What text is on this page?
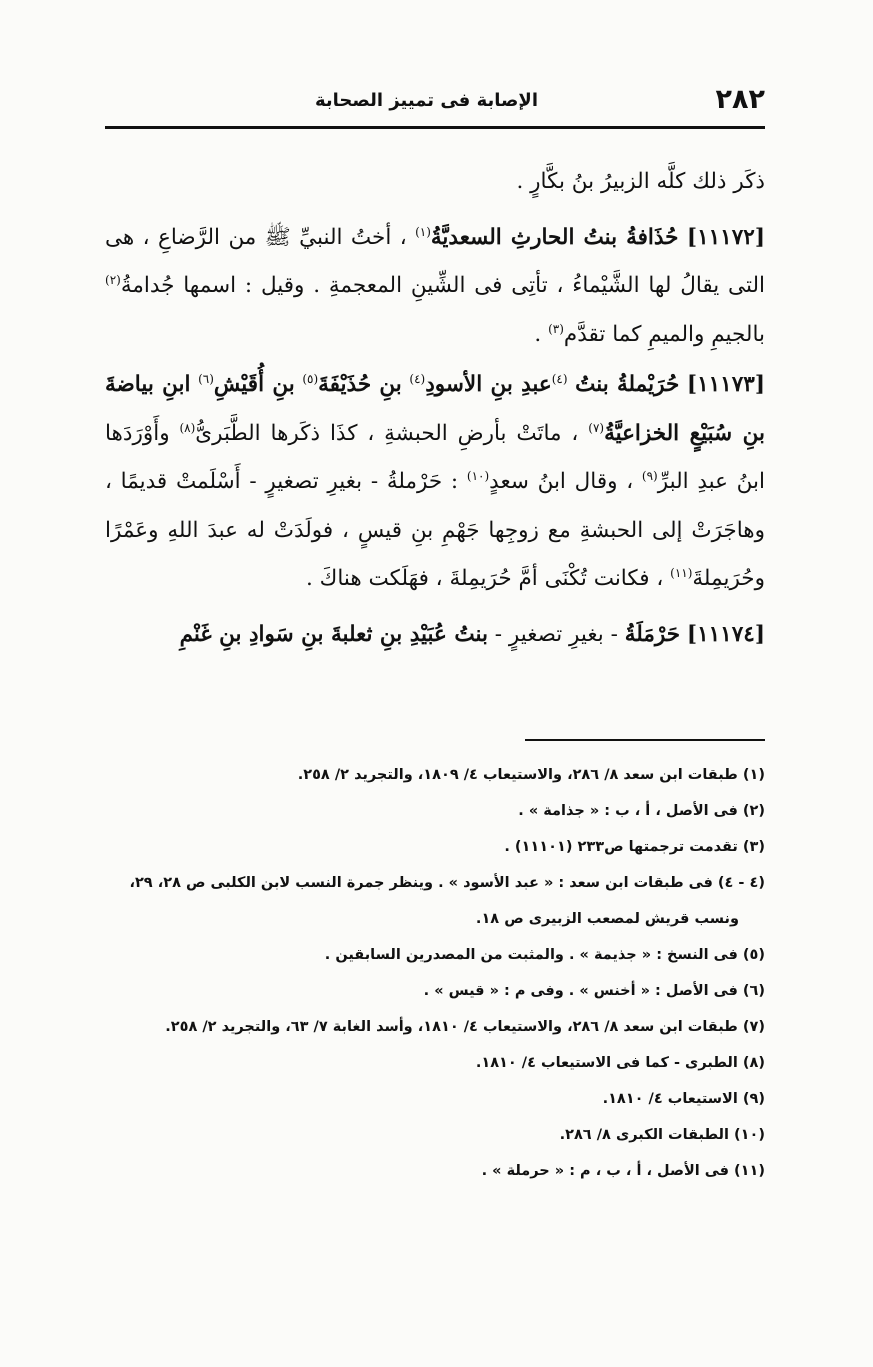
٢٨٢
الإصابة فى تمييز الصحابة

ذكَر ذلك كلَّه الزبيرُ بنُ بكَّارٍ .

[١١١٧٢] حُذَافةُ بنتُ الحارثِ السعديَّةُ$^{(١)}$ ، أختُ النبيِّ ﷺ من الرَّضاعِ ، هى التى يقالُ لها الشَّيْماءُ ، تأتِى فى الشِّينِ المعجمةِ . وقيل : اسمها جُدامةُ$^{(٢)}$ بالجيمِ والميمِ كما تقدَّم$^{(٣)}$ .

[١١١٧٣] حُرَيْملةُ بنتُ $^{(٤)}$عبدِ بنِ الأسودِ$^{(٤)}$ بنِ حُذَيْفَةَ$^{(٥)}$ بنِ أُقَيْشِ$^{(٦)}$ ابنِ بياضةَ بنِ سُبَيْعٍ الخزاعيَّةُ$^{(٧)}$ ، ماتَتْ بأرضِ الحبشةِ ، كذَا ذكَرها الطَّبَرىُّ$^{(٨)}$ وأَوْرَدَها ابنُ عبدِ البرِّ$^{(٩)}$ ، وقال ابنُ سعدٍ$^{(١٠)}$ : حَرْملةُ - بغيرِ تصغيرٍ - أَسْلَمتْ قديمًا ، وهاجَرَتْ إلى الحبشةِ مع زوجِها جَهْمِ بنِ قيسٍ ، فولَدَتْ له عبدَ اللهِ وعَمْرًا وحُرَيمِلةَ$^{(١١)}$ ، فكانت تُكْنَى أمَّ حُرَيمِلةَ ، فهَلَكت هناكَ .

[١١١٧٤] حَرْمَلَةُ - بغيرِ تصغيرٍ - بنتُ عُبَيْدِ بنِ ثعلبةَ بنِ سَوادِ بنِ غَنْمِ

(١) طبقات ابن سعد ٨/ ٢٨٦، والاستيعاب ٤/ ١٨٠٩، والتجريد ٢/ ٢٥٨.

(٢) فى الأصل ، أ ، ب : « جذامة » .

(٣) تقدمت ترجمتها ص٢٣٣ (١١١٠١) .

(٤ - ٤) فى طبقات ابن سعد : « عبد الأسود » . وينظر جمرة النسب لابن الكلبى ص ٢٨، ٢٩،

ونسب قريش لمصعب الزبيرى ص ١٨.

(٥) فى النسخ : « جذيمة » . والمثبت من المصدرين السابقين .

(٦) فى الأصل : « أخنس » . وفى م : « قيس » .

(٧) طبقات ابن سعد ٨/ ٢٨٦، والاستيعاب ٤/ ١٨١٠، وأسد الغابة ٧/ ٦٣، والتجريد ٢/ ٢٥٨.

(٨) الطبرى - كما فى الاستيعاب ٤/ ١٨١٠.

(٩) الاستيعاب ٤/ ١٨١٠.

(١٠) الطبقات الكبرى ٨/ ٢٨٦.

(١١) فى الأصل ، أ ، ب ، م : « حرملة » .
